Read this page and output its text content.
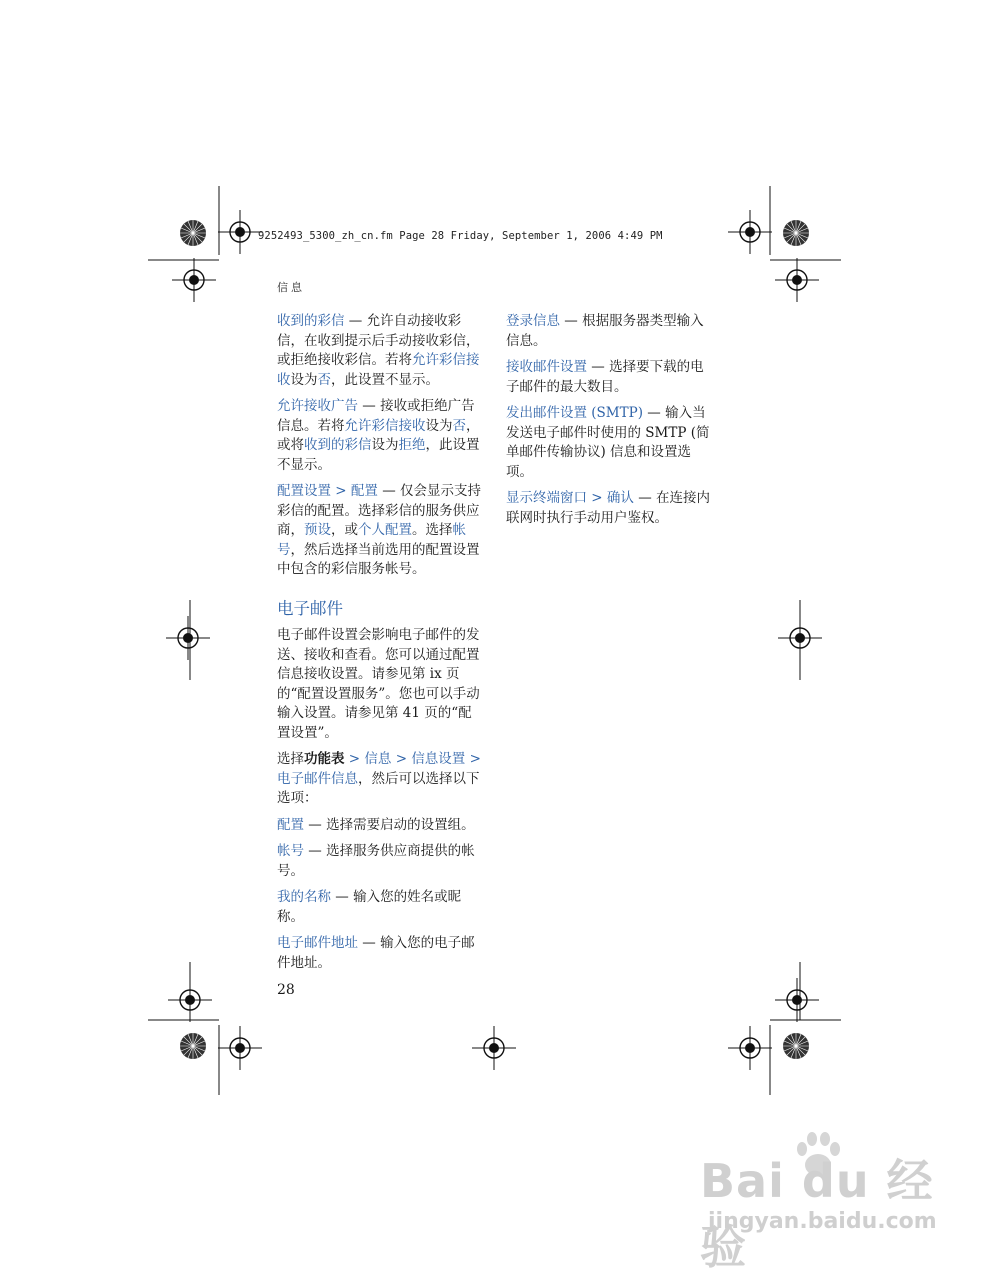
9252493_5300_zh_cn.fm Page 28 Friday, September 1, 2006 4:49 PM
信息

收到的彩信 — 允许自动接收彩信，在收到提示后手动接收彩信，或拒绝接收彩信。若将允许彩信接收设为否，此设置不显示。

允许接收广告 — 接收或拒绝广告信息。若将允许彩信接收设为否，或将收到的彩信设为拒绝，此设置不显示。

配置设置 > 配置 — 仅会显示支持彩信的配置。选择彩信的服务供应商，预设，或个人配置。选择帐号，然后选择当前选用的配置设置中包含的彩信服务帐号。

电子邮件

电子邮件设置会影响电子邮件的发送、接收和查看。您可以通过配置信息接收设置。请参见第 ix 页的“配置设置服务”。您也可以手动输入设置。请参见第 41 页的“配置设置”。

选择功能表 > 信息 > 信息设置 > 电子邮件信息，然后可以选择以下选项：

配置 — 选择需要启动的设置组。

帐号 — 选择服务供应商提供的帐号。

我的名称 — 输入您的姓名或昵称。

电子邮件地址 — 输入您的电子邮件地址。

登录信息 — 根据服务器类型输入信息。

接收邮件设置 — 选择要下载的电子邮件的最大数目。

发出邮件设置 (SMTP) — 输入当发送电子邮件时使用的 SMTP (简单邮件传输协议) 信息和设置选项。

显示终端窗口 > 确认 — 在连接内联网时执行手动用户鉴权。

28
Bai du 经验
jingyan.baidu.com
